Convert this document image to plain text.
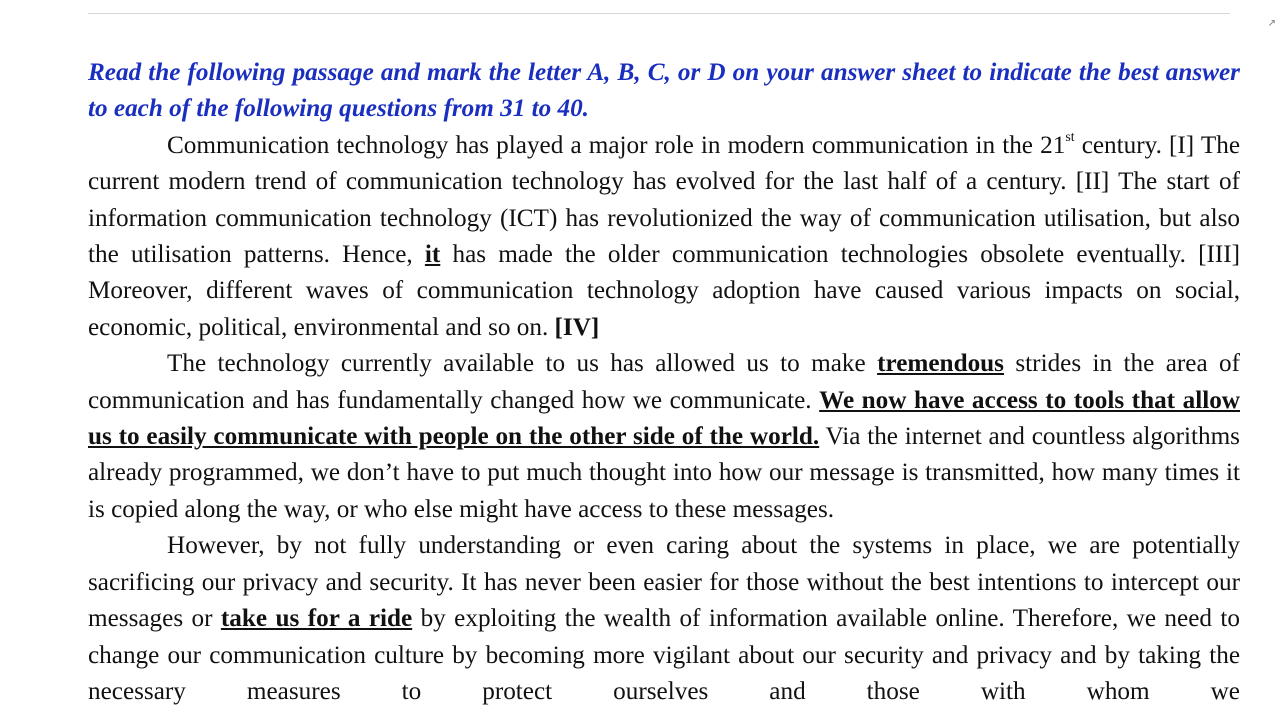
↗

Read the following passage and mark the letter A, B, C, or D on your answer sheet to indicate the best answer to each of the following questions from 31 to 40.

Communication technology has played a major role in modern communication in the 21st century. [I] The current modern trend of communication technology has evolved for the last half of a century. [II] The start of information communication technology (ICT) has revolutionized the way of communication utilisation, but also the utilisation patterns. Hence, it has made the older communication technologies obsolete eventually. [III] Moreover, different waves of communication technology adoption have caused various impacts on social, economic, political, environmental and so on. [IV]

The technology currently available to us has allowed us to make tremendous strides in the area of communication and has fundamentally changed how we communicate. We now have access to tools that allow us to easily communicate with people on the other side of the world. Via the internet and countless algorithms already programmed, we don’t have to put much thought into how our message is transmitted, how many times it is copied along the way, or who else might have access to these messages.

However, by not fully understanding or even caring about the systems in place, we are potentially sacrificing our privacy and security. It has never been easier for those without the best intentions to intercept our messages or take us for a ride by exploiting the wealth of information available online. Therefore, we need to change our communication culture by becoming more vigilant about our security and privacy and by taking the necessary measures to protect ourselves and those with whom we
